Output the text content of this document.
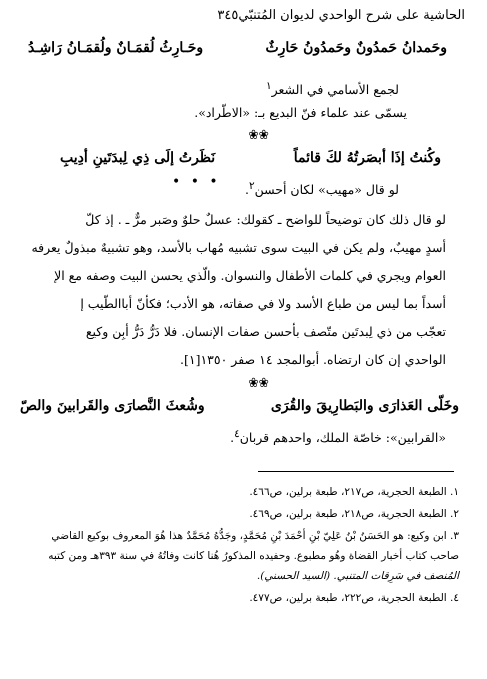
الحاشية على شرح الواحدي لديوان المُتنبّي
٣٤٥
وحَمدانُ حَمدُونٌ وحَمدُونُ حَارِثٌ
وحَـارِثُ لُقمَـانٌ ولُقمَـانُ رَاشِـدُ
لجمع الأسامي في الشعر$^١$
يسمّى عند علماء فنّ البديع بـ: «الاطّراد».
❀❀
وكُنتُ إذَا أبصَرتُهُ لكَ قائماً
نَظَرتُ إلَى ذِي لِبدَتَينِ أدِيبِ
• • •	لو قال «مهيب» لكان أحسن$^٢$.
لو قال ذلك كان توضيحاً للواضح ـ كقولك: عسلٌ حلوٌ وصَبر مرٌّ ـ . إذ كلّ
أسدٍ مهيبٌ، ولم يكن في البيت سوى تشبيه مُهاب بالأسد، وهو تشبيهٌ مبذولٌ يعرفه
العوام ويجري في كلمات الأطفال والنسوان. والّذي يحسن البيت وصفه مع الإ
أسداً بما ليس من طباع الأسد ولا في صفاته، هو الأدب؛ فكأنّ أباالطّيب إ
تعجّب من ذي لِبدتَين متّصف بأحسن صفات الإنسان. فلا دَرُّ دَرُّ أبِن وكيع
الواحدي إن كان ارتضاه. أبوالمجد ١٤ صفر ١٣٥٠[١].
❀❀
وخَلّى العَذارَى والبَطارِيقَ والقُرَى
وشُعثَ النَّصارَى والقَرابينَ والصّ
«القرابين»: خاصّة الملك، واحدهم قربان$^٤$.
١. الطبعة الحجرية، ص٢١٧، طبعة برلين، ص٤٦٦.
٢. الطبعة الحجرية، ص٢١٨، طبعة برلين، ص٤٦٩.
٣. ابن وكيع: هو الحَسَنُ بْنُ عَلِيّ بْنِ أحْمَدَ بْنِ مُحَمَّدٍ، وجَدُّهُ مُحَمَّدٌ هذا هُوَ المعروف بوكيع القاضي
صاحب كتاب أخبار القضاة وهُو مطبوع. وحفيده المذكورُ هُنا كانت وفاتُهُ في سنة ٣٩٣هـ ومن كتبه
المُنصف في سَرِقات المتنبي. (السيد الحسني).
٤. الطبعة الحجرية، ص٢٢٢، طبعة برلين، ص٤٧٧.
